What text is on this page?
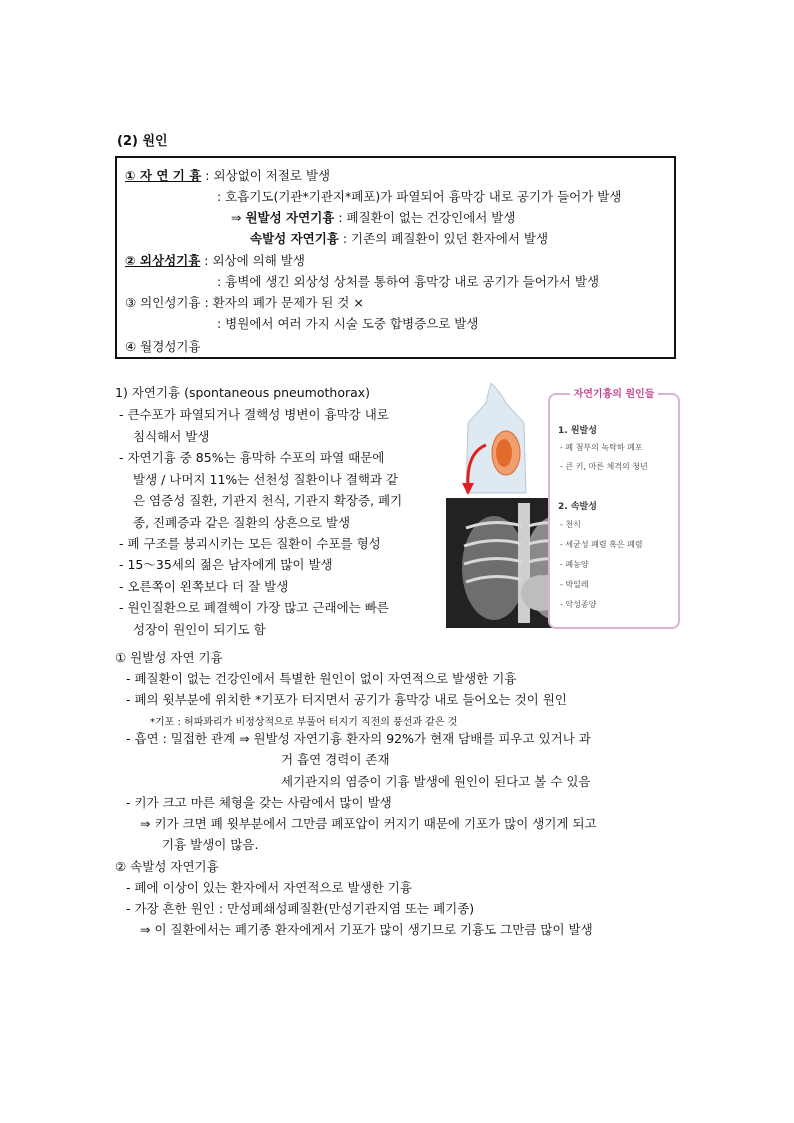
(2) 원인
① 자 연 기 흉 : 외상없이 저절로 발생
: 호흡기도(기관*기관지*폐포)가 파열되어 흉막강 내로 공기가 들어가 발생
⇒ 원발성 자연기흉 : 폐질환이 없는 건강인에서 발생
속발성 자연기흉 : 기존의 폐질환이 있던 환자에서 발생
② 외상성기흉 : 외상에 의해 발생
: 흉벽에 생긴 외상성 상처를 통하여 흉막강 내로 공기가 들어가서 발생
③ 의인성기흉 : 환자의 폐가 문제가 된 것 ×
: 병원에서 여러 가지 시술 도중 합병증으로 발생
④ 월경성기흉
1) 자연기흉 (spontaneous pneumothorax)
- 큰수포가 파열되거나 결핵성 병변이 흉막강 내로
침식해서 발생
- 자연기흉 중 85%는 흉막하 수포의 파열 때문에
발생 / 나머지 11%는 선천성 질환이나 결핵과 같
은 염증성 질환, 기관지 천식, 기관지 확장증, 폐기
종, 진폐증과 같은 질환의 상흔으로 발생
- 폐 구조를 붕괴시키는 모든 질환이 수포를 형성
- 15～35세의 젊은 남자에게 많이 발생
- 오른쪽이 왼쪽보다 더 잘 발생
- 원인질환으로 폐결핵이 가장 많고 근래에는 빠른
성장이 원인이 되기도 함
자연기흉의 원인들
1. 원발성
- 폐 첨부의 녹탁하 폐포
- 큰 키, 마른 체격의 청년
2. 속발성
- 천식
- 세균성 폐렴 혹은 폐렴
- 폐농양
- 박일레
- 악성종양
① 원발성 자연 기흉
- 폐질환이 없는 건강인에서 특별한 원인이 없이 자연적으로 발생한 기흉
- 폐의 윗부분에 위치한 *기포가 터지면서 공기가 흉막강 내로 들어오는 것이 원인
*기포 : 허파꽈리가 비정상적으로 부풀어 터지기 직전의 풍선과 같은 것
- 흡연 : 밀접한 관계 ⇒ 원발성 자연기흉 환자의 92%가 현재 담배를 피우고 있거나 과
거 흡연 경력이 존재
세기관지의 염증이 기흉 발생에 원인이 된다고 볼 수 있음
- 키가 크고 마른 체형을 갖는 사람에서 많이 발생
⇒ 키가 크면 폐 윗부분에서 그만큼 폐포압이 커지기 때문에 기포가 많이 생기게 되고
기흉 발생이 많음.
② 속발성 자연기흉
- 폐에 이상이 있는 환자에서 자연적으로 발생한 기흉
- 가장 흔한 원인 : 만성폐쇄성폐질환(만성기관지염 또는 폐기종)
⇒ 이 질환에서는 폐기종 환자에게서 기포가 많이 생기므로 기흉도 그만큼 많이 발생
